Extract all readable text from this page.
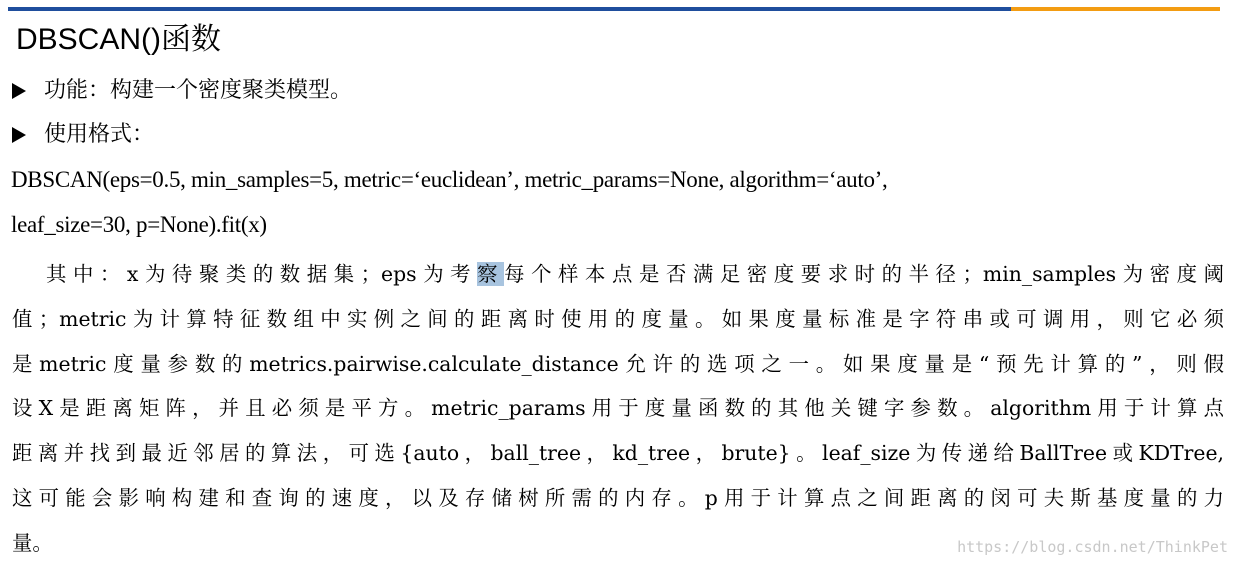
DBSCAN()函数
功能：构建一个密度聚类模型。
使用格式：
DBSCAN(eps=0.5, min_samples=5, metric=‘euclidean’, metric_params=None, algorithm=‘auto’,
leaf_size=30, p=None).fit(x)
其中：x为待聚类的数据集；eps为考察每个样本点是否满足密度要求时的半径；min_samples为密度阈
值；metric为计算特征数组中实例之间的距离时使用的度量。如果度量标准是字符串或可调用，则它必须
是metric度量参数的metrics.pairwise.calculate_distance允许的选项之一。如果度量是“预先计算的”，则假
设X是距离矩阵，并且必须是平方。metric_params用于度量函数的其他关键字参数。algorithm用于计算点
距离并找到最近邻居的算法，可选{auto，ball_tree，kd_tree，brute}。leaf_size为传递给BallTree或KDTree,
这可能会影响构建和查询的速度，以及存储树所需的内存。p用于计算点之间距离的闵可夫斯基度量的力
量。	https://blog.csdn.net/ThinkPet
